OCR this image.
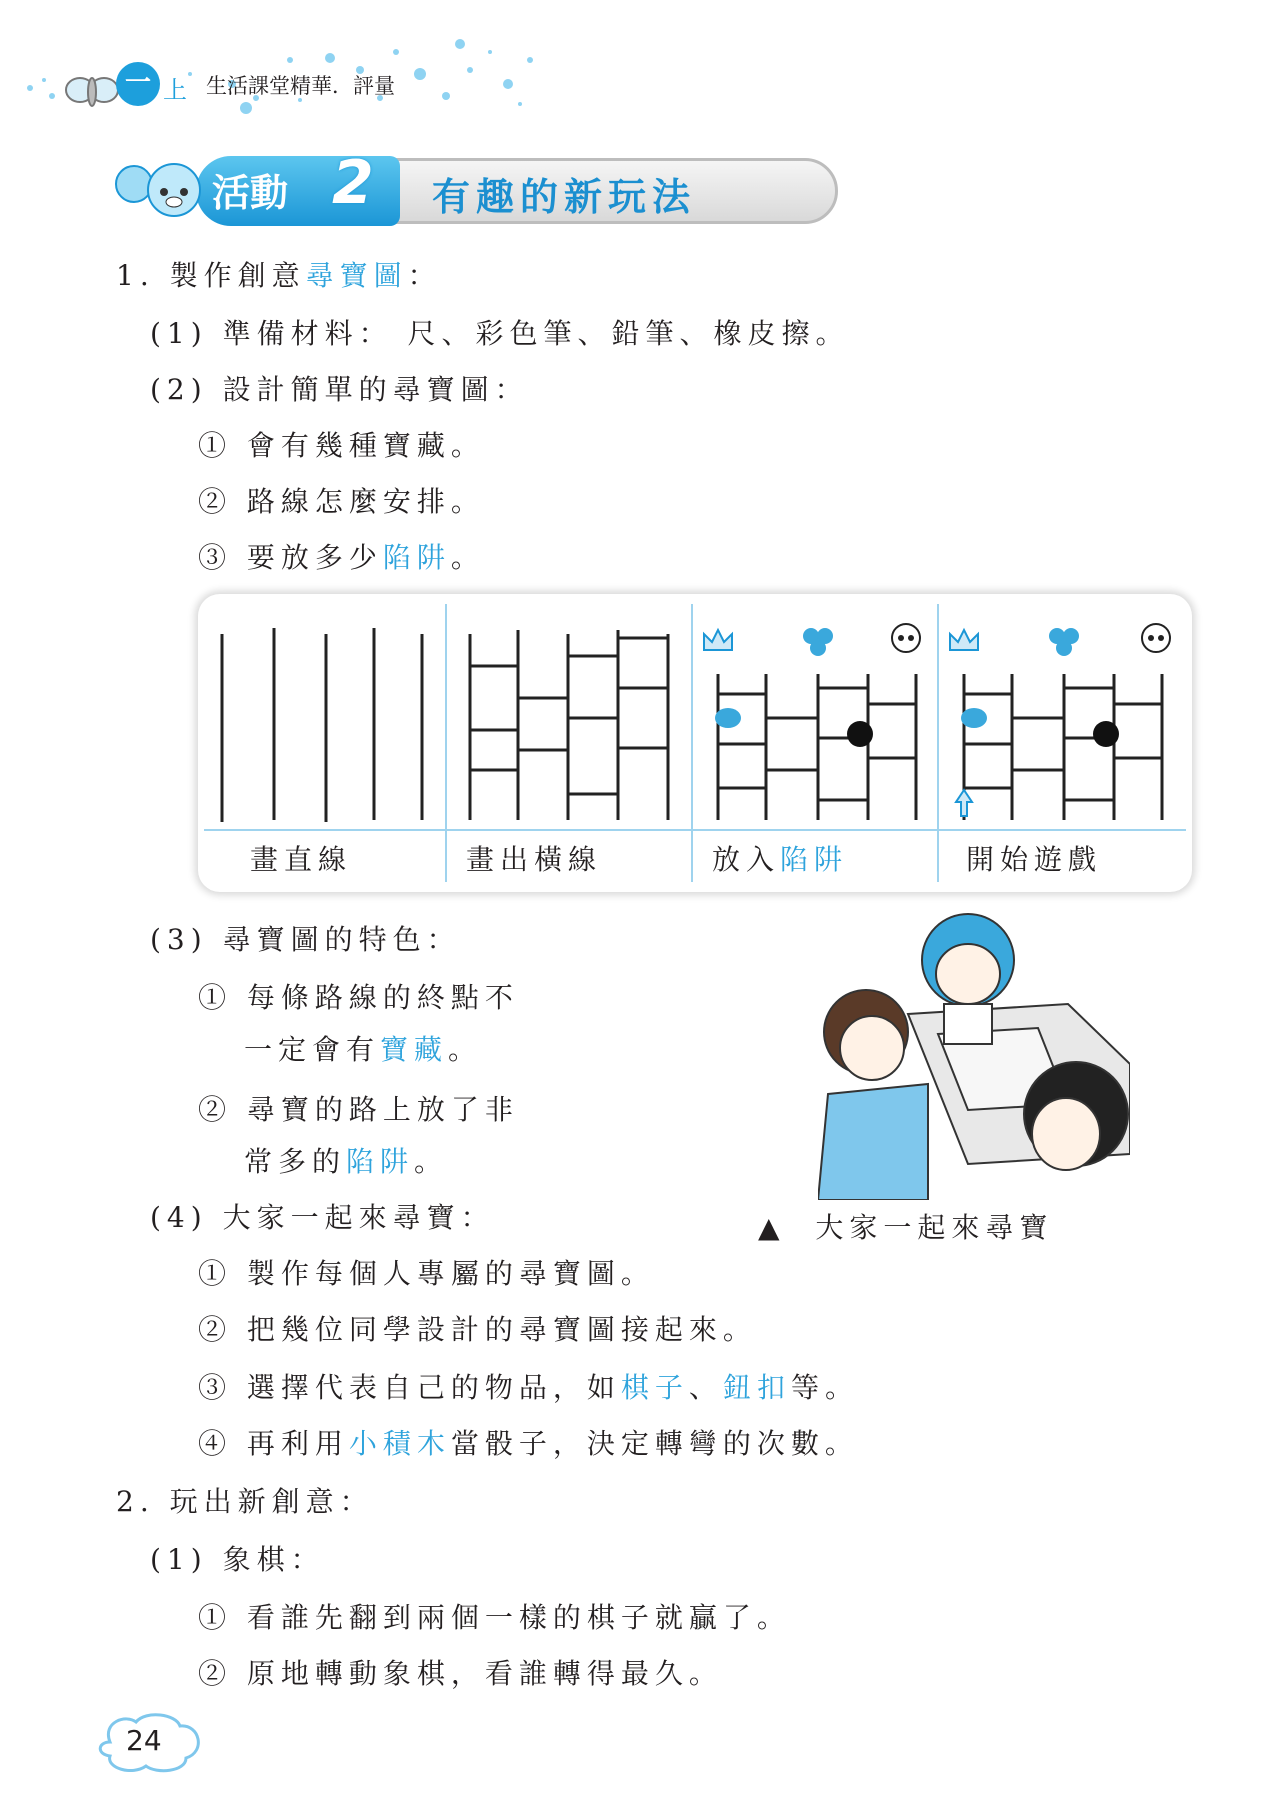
一 上 生活課堂精華．評量
活動 2 有趣的新玩法
1. 製作創意尋寶圖：
(1) 準備材料： 尺、彩色筆、鉛筆、橡皮擦。
(2) 設計簡單的尋寶圖：
① 會有幾種寶藏。
② 路線怎麼安排。
③ 要放多少陷阱。
畫直線	畫出橫線	放入陷阱	開始遊戲
(3) 尋寶圖的特色：
① 每條路線的終點不
一定會有寶藏。
② 尋寶的路上放了非
常多的陷阱。
▲ 大家一起來尋寶
(4) 大家一起來尋寶：
① 製作每個人專屬的尋寶圖。
② 把幾位同學設計的尋寶圖接起來。
③ 選擇代表自己的物品，如棋子、鈕扣等。
④ 再利用小積木當骰子，決定轉彎的次數。
2. 玩出新創意：
(1) 象棋：
① 看誰先翻到兩個一樣的棋子就贏了。
② 原地轉動象棋，看誰轉得最久。
24
